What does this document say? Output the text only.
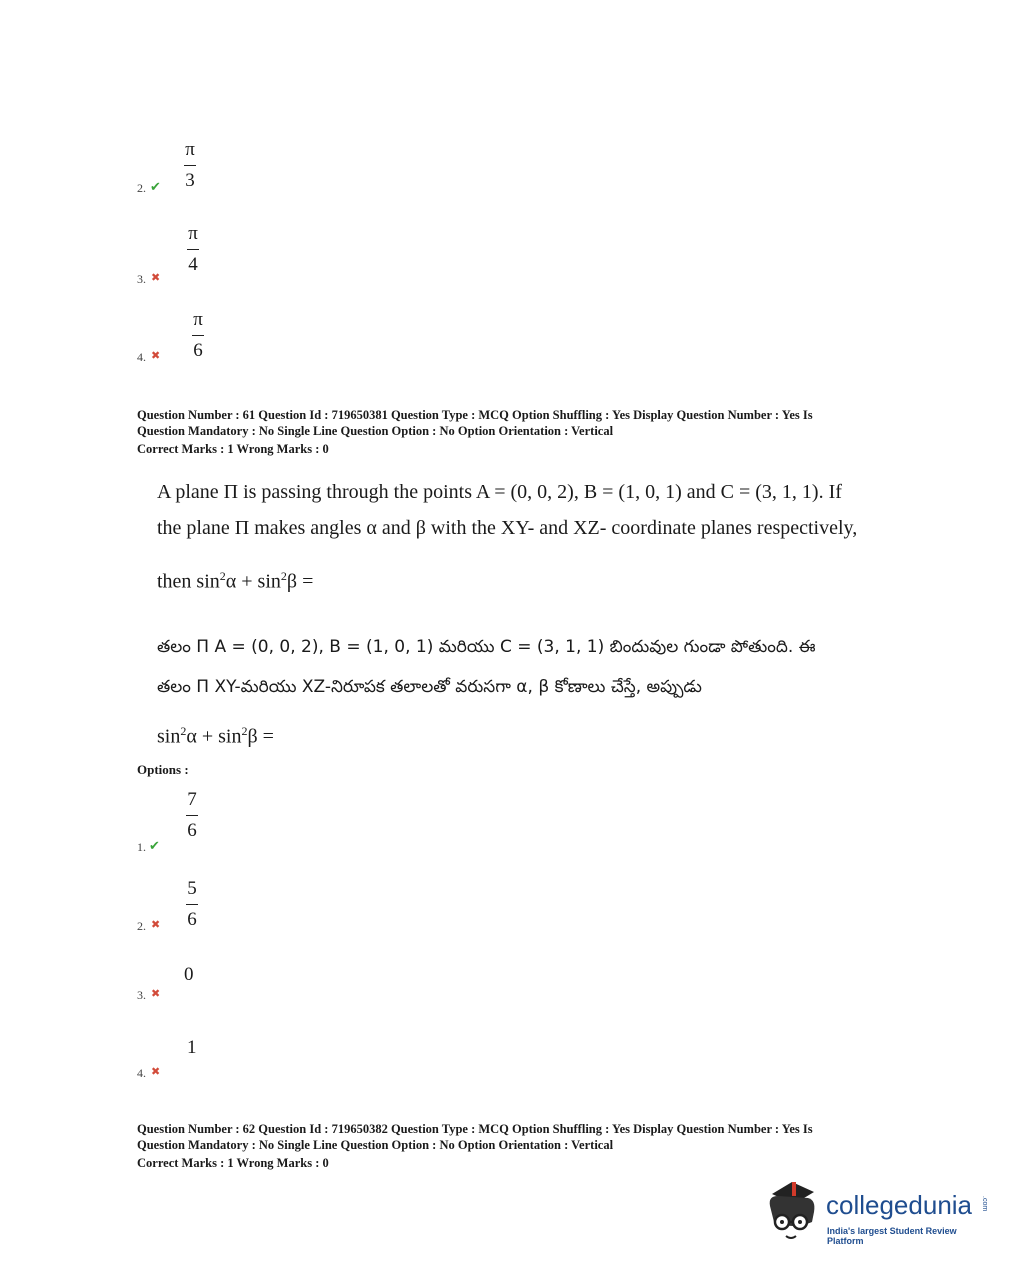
π
3
2. ✔
π
4
3. ✖
π
6
4. ✖
Question Number : 61 Question Id : 719650381 Question Type : MCQ Option Shuffling : Yes Display Question Number : Yes Is
Question Mandatory : No Single Line Question Option : No Option Orientation : Vertical
Correct Marks : 1 Wrong Marks : 0
A plane Π is passing through the points A = (0, 0, 2), B = (1, 0, 1) and C = (3, 1, 1). If
the plane Π makes angles α and β with the XY- and XZ- coordinate planes respectively,
then $\sin^2\alpha + \sin^2\beta$ =
తలం Π A = (0, 0, 2), B = (1, 0, 1) మరియు C = (3, 1, 1) బిందువుల గుండా పోతుంది. ఈ
తలం Π XY-మరియు XZ-నిరూపక తలాలతో వరుసగా α, β కోణాలు చేస్తే, అప్పుడు
$\sin^2\alpha + \sin^2\beta$ =
Options :
7
6
1. ✔
5
6
2. ✖
0
3. ✖
1
4. ✖
Question Number : 62 Question Id : 719650382 Question Type : MCQ Option Shuffling : Yes Display Question Number : Yes Is
Question Mandatory : No Single Line Question Option : No Option Orientation : Vertical
Correct Marks : 1 Wrong Marks : 0
collegedunia .com
India's largest Student Review Platform
